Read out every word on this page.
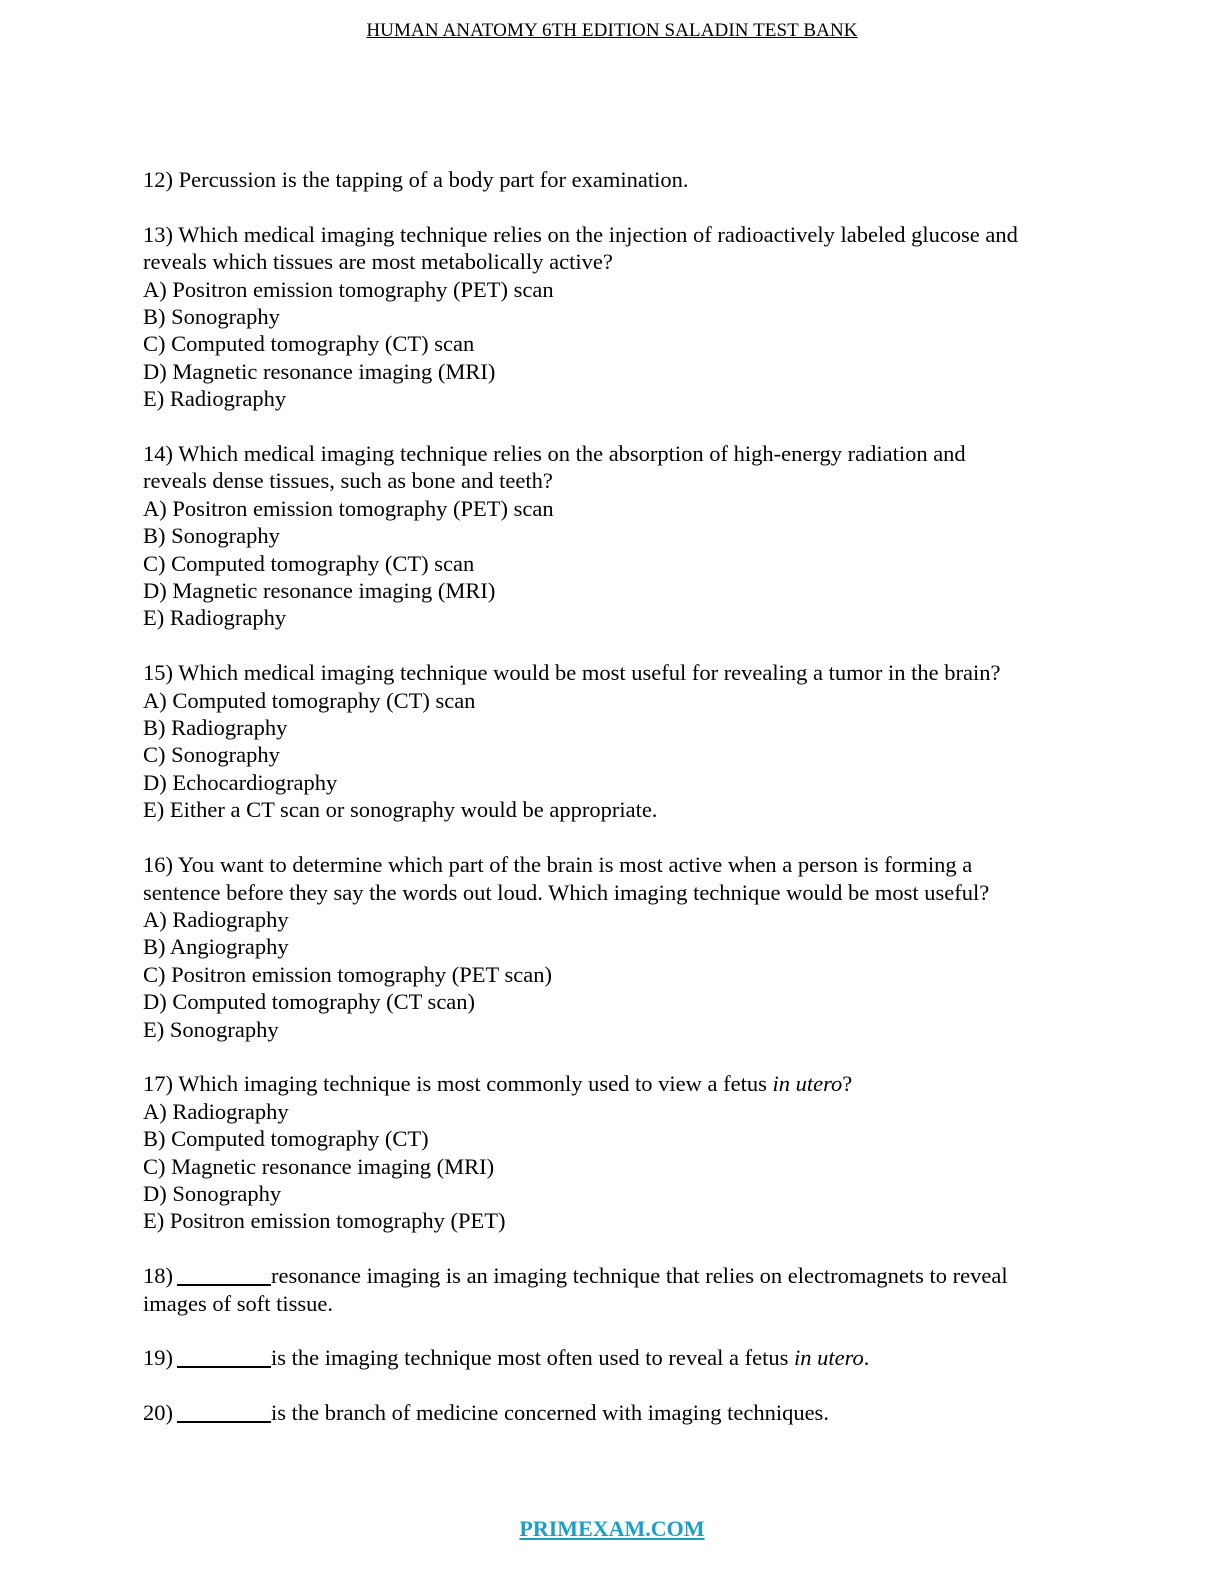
HUMAN ANATOMY 6TH EDITION SALADIN TEST BANK
12) Percussion is the tapping of a body part for examination.
13) Which medical imaging technique relies on the injection of radioactively labeled glucose and
reveals which tissues are most metabolically active?
A) Positron emission tomography (PET) scan
B) Sonography
C) Computed tomography (CT) scan
D) Magnetic resonance imaging (MRI)
E) Radiography
14) Which medical imaging technique relies on the absorption of high-energy radiation and
reveals dense tissues, such as bone and teeth?
A) Positron emission tomography (PET) scan
B) Sonography
C) Computed tomography (CT) scan
D) Magnetic resonance imaging (MRI)
E) Radiography
15) Which medical imaging technique would be most useful for revealing a tumor in the brain?
A) Computed tomography (CT) scan
B) Radiography
C) Sonography
D) Echocardiography
E) Either a CT scan or sonography would be appropriate.
16) You want to determine which part of the brain is most active when a person is forming a
sentence before they say the words out loud. Which imaging technique would be most useful?
A) Radiography
B) Angiography
C) Positron emission tomography (PET scan)
D) Computed tomography (CT scan)
E) Sonography
17) Which imaging technique is most commonly used to view a fetus in utero?
A) Radiography
B) Computed tomography (CT)
C) Magnetic resonance imaging (MRI)
D) Sonography
E) Positron emission tomography (PET)
18)	resonance imaging is an imaging technique that relies on electromagnets to reveal
images of soft tissue.
19)	is the imaging technique most often used to reveal a fetus in utero.
20)	is the branch of medicine concerned with imaging techniques.
PRIMEXAM.COM
